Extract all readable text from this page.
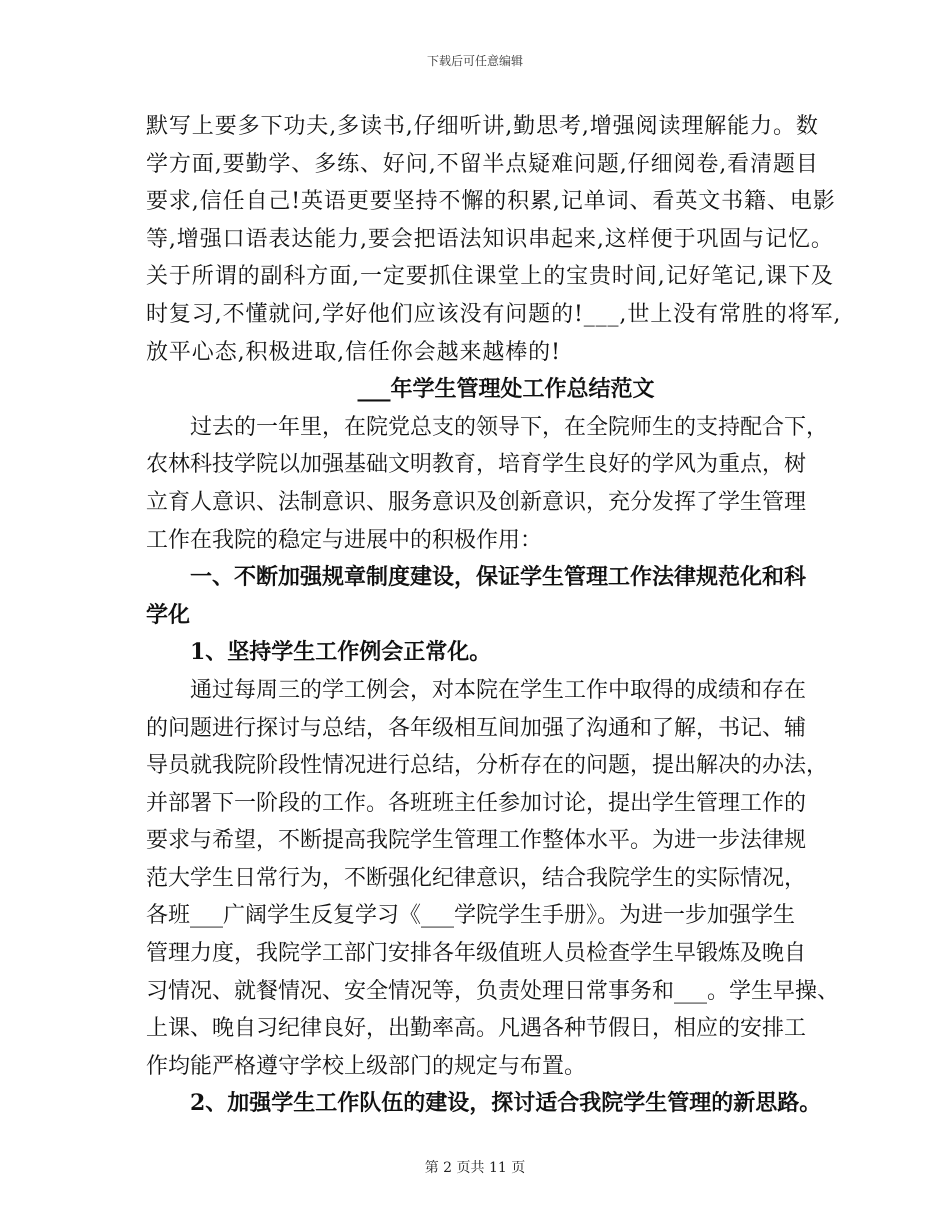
下载后可任意编辑
默写上要多下功夫,多读书,仔细听讲,勤思考,增强阅读理解能力。数
学方面,要勤学、多练、好问,不留半点疑难问题,仔细阅卷,看清题目
要求,信任自己!英语更要坚持不懈的积累,记单词、看英文书籍、电影
等,增强口语表达能力,要会把语法知识串起来,这样便于巩固与记忆。
关于所谓的副科方面,一定要抓住课堂上的宝贵时间,记好笔记,课下及
时复习,不懂就问,学好他们应该没有问题的!___,世上没有常胜的将军,
放平心态,积极进取,信任你会越来越棒的!
___年学生管理处工作总结范文
过去的一年里，在院党总支的领导下，在全院师生的支持配合下，
农林科技学院以加强基础文明教育，培育学生良好的学风为重点，树
立育人意识、法制意识、服务意识及创新意识，充分发挥了学生管理
工作在我院的稳定与进展中的积极作用：
一、不断加强规章制度建设，保证学生管理工作法律规范化和科
学化
1、坚持学生工作例会正常化。
通过每周三的学工例会，对本院在学生工作中取得的成绩和存在
的问题进行探讨与总结，各年级相互间加强了沟通和了解，书记、辅
导员就我院阶段性情况进行总结，分析存在的问题，提出解决的办法，
并部署下一阶段的工作。各班班主任参加讨论，提出学生管理工作的
要求与希望，不断提高我院学生管理工作整体水平。为进一步法律规
范大学生日常行为，不断强化纪律意识，结合我院学生的实际情况，
各班___广阔学生反复学习《___学院学生手册》。为进一步加强学生
管理力度，我院学工部门安排各年级值班人员检查学生早锻炼及晚自
习情况、就餐情况、安全情况等，负责处理日常事务和___。学生早操、
上课、晚自习纪律良好，出勤率高。凡遇各种节假日，相应的安排工
作均能严格遵守学校上级部门的规定与布置。
2、加强学生工作队伍的建设，探讨适合我院学生管理的新思路。
第 2 页共 11 页
